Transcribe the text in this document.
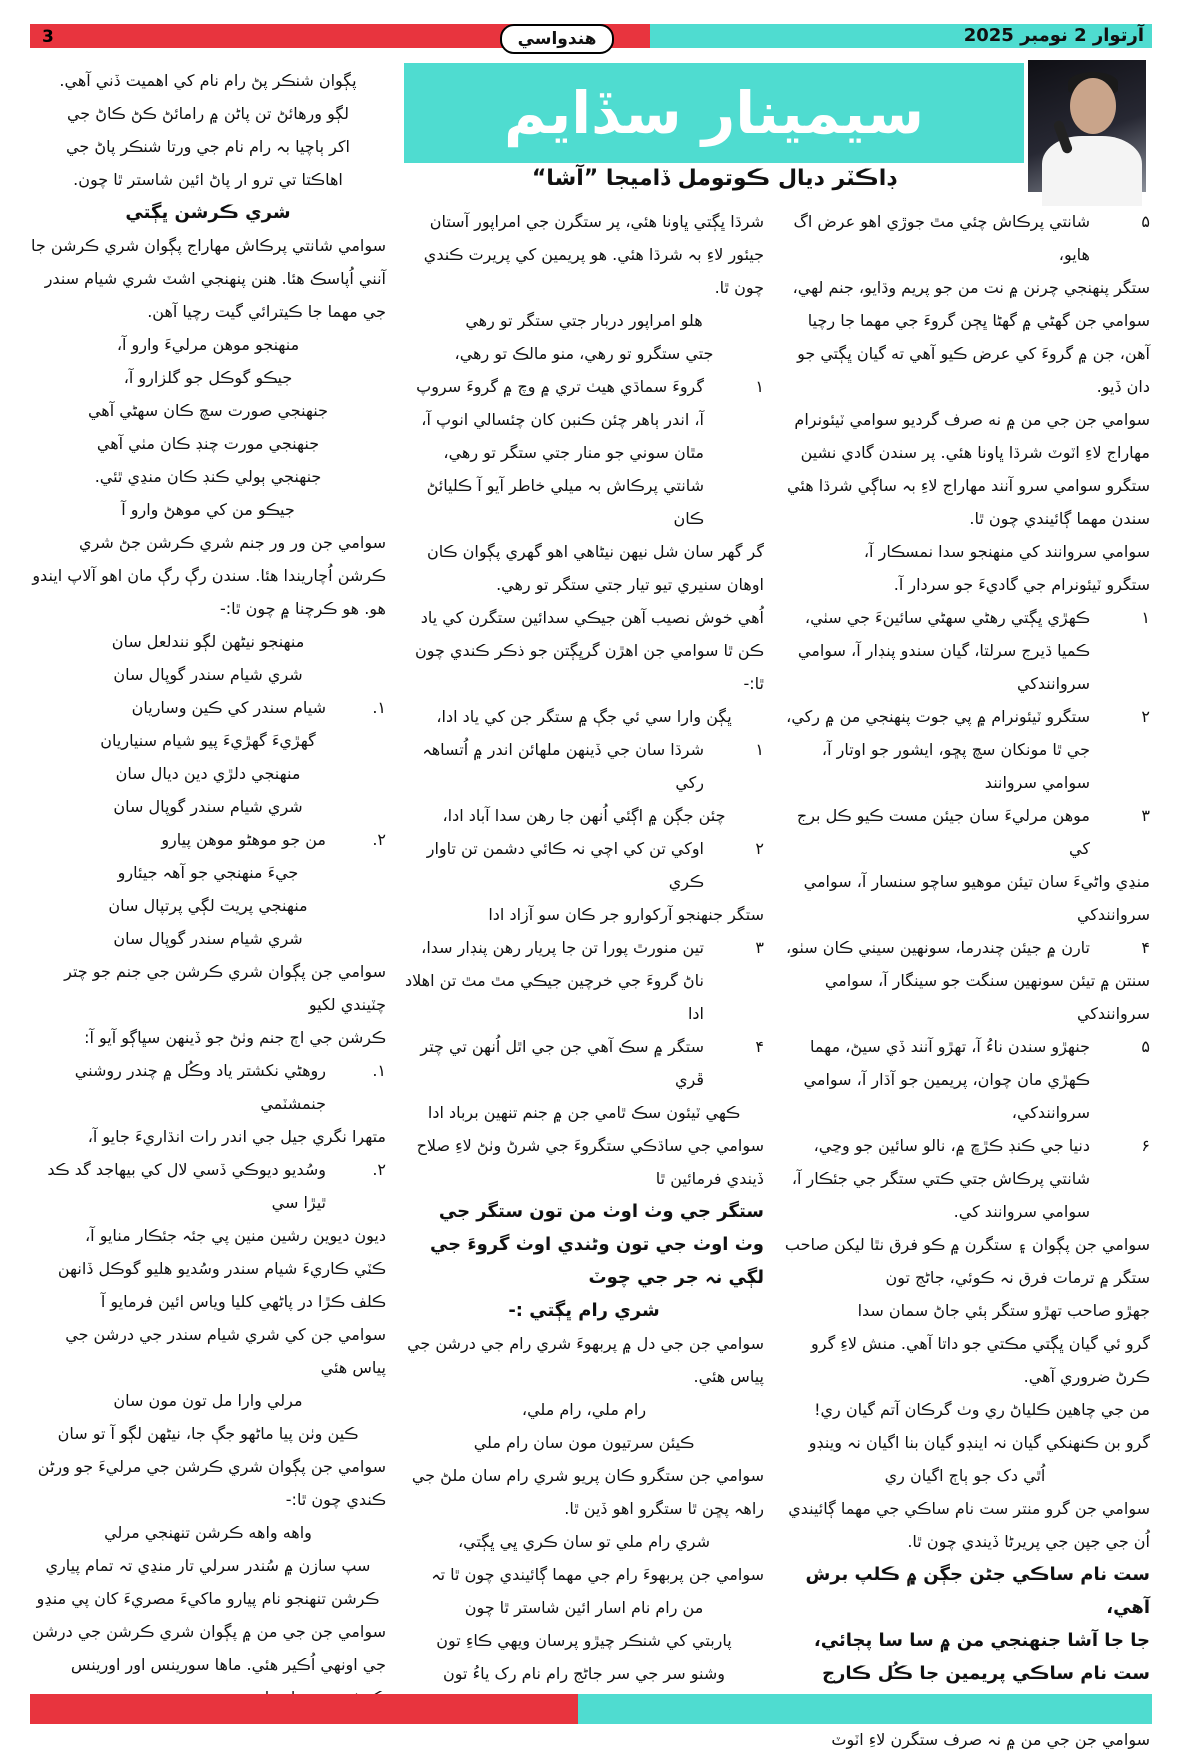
3	ھندواسي	آرتوار 2 نومبر 2025
سيمينار سڏايم
ڊاڪٽر ديال ڪوتومل ڏاميجا ”آشا“

۵
شانتي پرڪاش چئي مٿ جوڙي اهو عرض اگ هايو،

ستگر پنهنجي چرنن ۾ نت من جو پريم وڌايو، جنم لهي،

سوامي جن گهڻي ۾ گهڻا ڀڄن گروءَ جي مهما جا رچيا آهن، جن ۾ گروءَ کي عرض ڪيو آهي ته گيان ڀڳتي جو دان ڏيو.

سوامي جن جي من ۾ نه صرف گرديو سوامي ٽيئونرام مهاراج لاءِ اٽوٽ شرڌا ڀاونا هئي. پر سندن گادي نشين ستگرو سوامي سرو آنند مهاراج لاءِ بہ ساڳي شرڌا هئي سندن مهما ڳائيندي چون ٿا.

سوامي سروانند کي منهنجو سدا نمسڪار آ،

ستگرو ٽيئونرام جي گاديءَ جو سردار آ.

۱
ڪهڙي ڀڳتي رهڻي سهڻي سائينءَ جي سٺي، ڪميا ڌيرج سرلتا، گيان سندو پنڊار آ، سوامي سروانندکي

۲
ستگرو ٽيئونرام ۾ پي جوت پنهنجي من ۾ رکي، جي ٿا مونکان سچ پڇو، ايشور جو اوتار آ، سوامي سروانند

۳
موهن مرليءَ سان جيئن مست ڪيو ڪل برج کي

منڍي واڻيءَ سان تيئن موهيو ساچو سنسار آ، سوامي سروانندکي

۴
تارن ۾ جيئن چندرما، سونهين سيني ڪان سٺو،

سنتن ۾ تيئن سونهين سنگت جو سينگار آ، سوامي سروانندکي

۵
جنھڙو سندن ناءُ آ، تهڙو آنند ڏي سيڻ، مهما ڪهڙي مان چوان، پريمين جو آڌار آ، سوامي سروانندکي،

۶
دنيا جي ڪنڊ ڪڙڇ ۾، نالو سائين جو وڃي، شانتي پرڪاش جتي ڪتي ستگر جي جئڪار آ، سوامي سروانند کي.

سوامي جن پڳوان ۽ ستگرن ۾ ڪو فرق نٿا ليکن صاحب ستگر ۾ ترمات فرق نہ ڪوئي، جاڻج تون

جهڙو صاحب تهڙو ستگر ٻئي جاڻ سمان سدا

گرو ئي گيان ڀڳتي مڪتي جو داتا آهي. منش لاءِ گرو ڪرڻ ضروري آهي.

من جي چاهين ڪلياڻ ري وٺ گرڪان آتم گيان ري!

گرو بن ڪنهنکي گيان نہ اينڊو گيان بنا اگيان نہ وينڊو

اُٿي دک جو ٻاڄ اگيان ري

سوامي جن گرو منتر ست نام ساڪي جي مهما ڳائيندي اُن جي جپن جي پريرڻا ڏيندي چون ٿا.

ست نام ساڪي جڻن جڳن ۾ ڪلپ برش آهي،

جا جا آشا جنهنجي من ۾ سا سا پڄائي،

ست نام ساڪي پريمين جا ڪُل ڪارج

سوامي جن جي من ۾ نہ صرف ستگرن لاءِ اٽوٽ

شرڌا ڀڳتي ڀاونا هئي، پر ستگرن جي امراپور آستان جيئور لاءِ بہ شرڌا هئي. هو پريمين کي پريرت ڪندي چون ٿا.

هلو امراپور دربار جتي ستگر تو رهي

جتي ستگرو تو رهي، منو مالڪ تو رهي،

۱
گروءَ سماڌي هيٺ تري ۾ وچ ۾ گروءَ سروپ آ، اندر ٻاهر چئن ڪنبن کان چئسالي انوپ آ، مٿان سوني جو منار جتي ستگر تو رهي، شانتي پرڪاش بہ ميلي خاطر آيو آ ڪليائڻ ڪان

گر گهر سان شل نيهن نيڻاهي اهو گهري پڳوان ڪان

اوهان سنيري تيو تيار جتي ستگر تو رهي.

اُهي خوش نصيب آهن جيڪي سدائين ستگرن کي ياد ڪن ٿا سوامي جن اهڙن گرڀڳتن جو ذڪر ڪندي چون ٿا:-

ڀڳن وارا سي ئي جڳ ۾ ستگر جن کي ياد ادا،

۱
شرڌا سان جي ڏينهن ملهائن اندر ۾ اُتساهہ رکي

چئن جڳن ۾ اڳئي اُنهن جا رهن سدا آباد ادا،

۲
اوکي تن کي اچي نہ ڪائي دشمن تن تاوار ڪري

ستگر جنهنجو آرکوارو جر ڪان سو آزاد ادا

۳
تين منورٿ پورا تن جا پريار رهن پنڊار سدا، ناڻ گروءَ جي خرچين جيڪي مٿ مٿ تن اهلاد ادا

۴
ستگر ۾ سڪ آهي جن جي اٿل اُنهن تي چتر ڦري

ڪهي ٽيئون سڪ ٿامي جن ۾ جنم تنهين برباد ادا

سوامي جي ساڌڪي ستگروءَ جي شرڻ وٺڻ لاءِ صلاح ڏيندي فرمائين ٿا

ستگر جي وٺ اوٺ من تون ستگر جي وٺ اوٺ جي تون وڻندي اوٺ گروءَ جي لڳي نہ جر جي چوٽ

شري رام ڀڳتي :-

سوامي جن جي دل ۾ پربهوءَ شري رام جي درشن جي پياس هئي.

رام ملي، رام ملي،

ڪيئن سرتيون مون سان رام ملي

سوامي جن ستگرو ڪان پريو شري رام سان ملڻ جي راهہ پڇن ٿا ستگرو اهو ڏين ٿا.

شري رام ملي تو سان ڪري ڀي ڀڳتي،

سوامي جن پربهوءَ رام جي مهما ڳائيندي چون ٿا تہ

من رام نام اسار ائين شاستر ٿا چون

پاربتي کي شنڪر چيڙو پرسان ويهي ڪاءِ تون

وشنو سر جي سر جاڻج رام نام رک ياءُ تون

پڳوان شنڪر پڻ رام نام کي اهميت ڏني آهي.

لڳو ورهائڻ تن پاڻن ۾ رامائڻ ڪڻ ڪاڻ جي

اکر ٻاچيا بہ رام نام جي ورتا شنڪر پاڻ جي

اهاڪتا تي ترو ار پاڻ ائين شاستر ٿا چون.

شري ڪرشن ڀڳتي

سوامي شانتي پرڪاش مهاراج پڳوان شري ڪرشن جا آنني اُپاسڪ هئا. هنن پنهنجي اشٽ شري شيام سندر جي مهما جا ڪيترائي گيت رچيا آهن.

منهنجو موهن مرليءَ وارو آ،

جيڪو گوڪل جو گلزارو آ،

جنهنجي صورت سچ ڪان سهڻي آهي

جنهنجي مورت چنڊ ڪان مٺي آهي

جنهنجي ٻولي ڪنڊ ڪان منڍي ٿئي.

جيڪو من کي موهڻ وارو آ

سوامي جن ور ور جنم شري ڪرشن جڻ شري ڪرشن اُچاريندا هئا. سندن رڳ رڳ مان اهو آلاپ ايندو هو. هو ڪرچنا ۾ چون ٿا:-

منهنجو نيڻهن لڳو نندلعل سان

شري شيام سندر گوپال سان

۱.
شيام سندر کي ڪين وساريان

گهڙيءَ گهڙيءَ پيو شيام سنياريان

منهنجي دلڙي دين ديال سان

شري شيام سندر گوپال سان

۲.
من جو موهڻو موهن پيارو

جيءَ منهنجي جو آهہ جيئارو

منهنجي پريت لڳي پرتپال سان

شري شيام سندر گوپال سان

سوامي جن پڳوان شري ڪرشن جي جنم جو چتر چٽيندي لکيو

ڪرشن جي اڄ جنم وٺڻ جو ڏينهن سڀاڳو آيو آ:

۱.
روهڻي نکشتر ياد وڪُل ۾ چندر روشني جنمشٽمي

متھرا نگري جيل جي اندر رات انڌاريءَ جايو آ،

۲.
وسُديو ديوڪي ڏسي لال کي بيهاجد گد ڪد ٿيڙا سي

ديون ديوين رشين منين پي جئہ جئڪار منايو آ،

ڪٽي ڪاريءَ شيام سندر وسُديو هليو گوڪل ڏانهن

ڪلف ڪڙا در پاڻهي کليا وياس ائين فرمايو آ

سوامي جن کي شري شيام سندر جي درشن جي پياس هئي

مرلي وارا مل تون مون سان

ڪين وٺن پيا ماڻهو جڳ جا، نيڻهن لڳو آ تو سان

سوامي جن پڳوان شري ڪرشن جي مرليءَ جو ورڻن ڪندي چون ٿا:-

واهه واهه ڪرشن تنهنجي مرلي

سپ سازن ۾ سُندر سرلي تار منڍي تہ تمام پياري

ڪرشن تنهنجو نام پيارو ماکيءَ مصريءَ کان پي منڍو

سوامي جن جي من ۾ پڳوان شري ڪرشن جي درشن جي اونهي اُڪير هئي. ماها سورينس اور اورينس
